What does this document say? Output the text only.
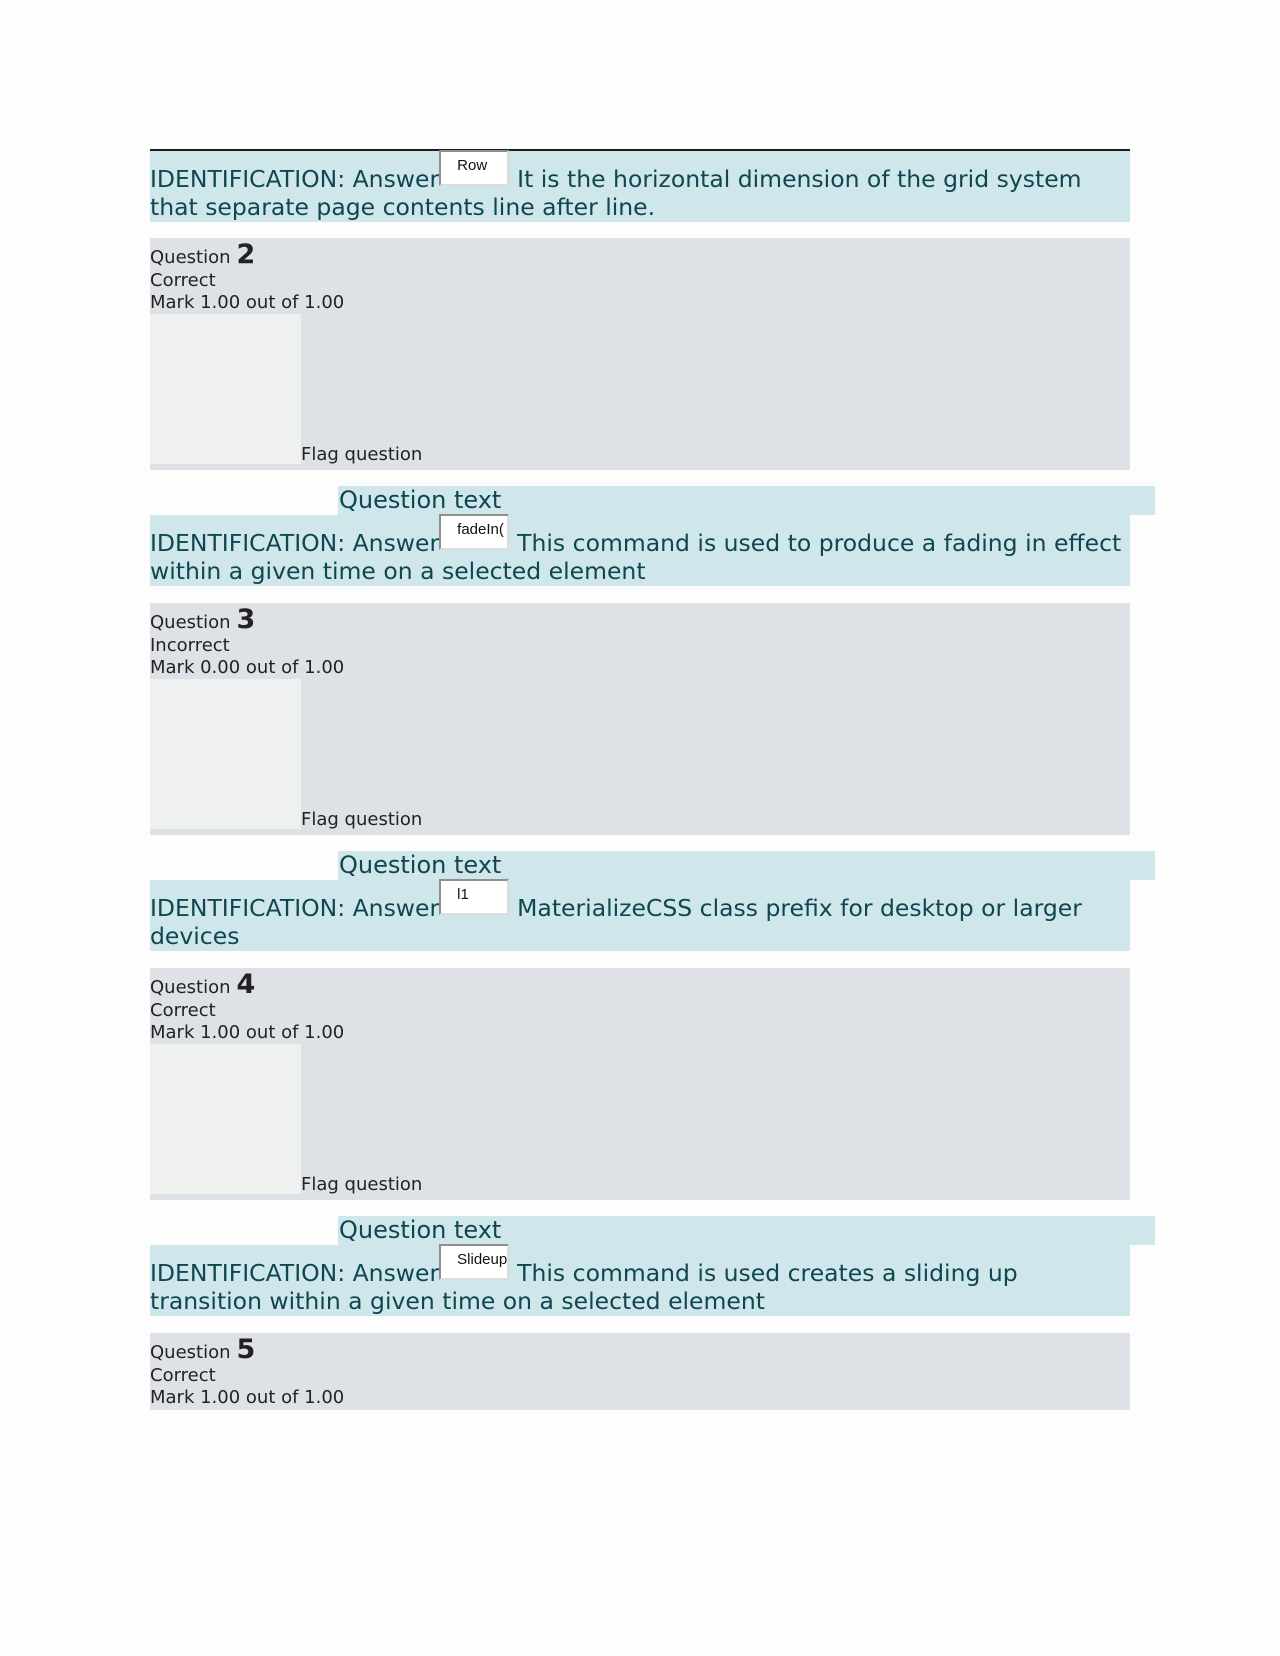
IDENTIFICATION: Answer Row It is the horizontal dimension of the grid system that separate page contents line after line.
Question 2
Correct
Mark 1.00 out of 1.00
Flag question
Question text
IDENTIFICATION: Answer fadeIn( This command is used to produce a fading in effect within a given time on a selected element
Question 3
Incorrect
Mark 0.00 out of 1.00
Flag question
Question text
IDENTIFICATION: Answer l1 MaterializeCSS class prefix for desktop or larger devices
Question 4
Correct
Mark 1.00 out of 1.00
Flag question
Question text
IDENTIFICATION: Answer Slideup This command is used creates a sliding up transition within a given time on a selected element
Question 5
Correct
Mark 1.00 out of 1.00
